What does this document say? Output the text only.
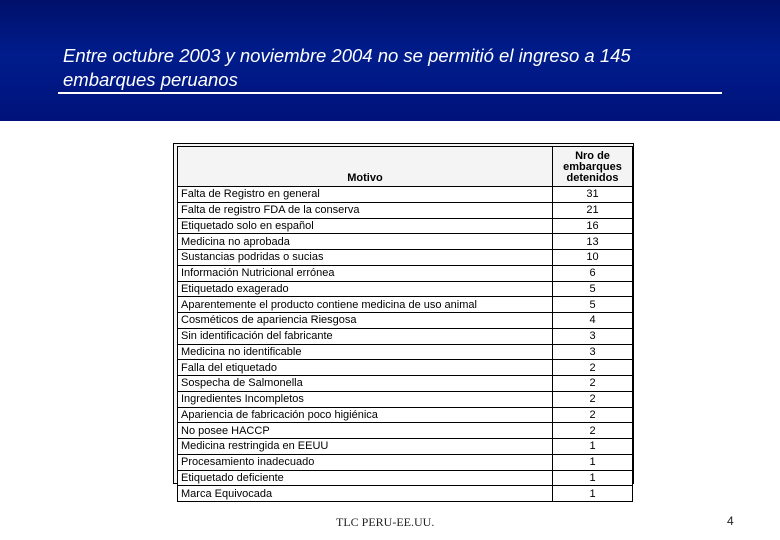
Entre octubre 2003 y noviembre 2004 no se permitió el ingreso a 145 embarques peruanos
Motivo	Nro de embarques detenidos
Falta de Registro en general	31
Falta de registro FDA de la conserva	21
Etiquetado solo en español	16
Medicina no aprobada	13
Sustancias podridas o sucias	10
Información Nutricional errónea	6
Etiquetado exagerado	5
Aparentemente el producto contiene medicina de uso animal	5
Cosméticos de apariencia Riesgosa	4
Sin identificación del fabricante	3
Medicina no identificable	3
Falla del etiquetado	2
Sospecha de Salmonella	2
Ingredientes Incompletos	2
Apariencia de fabricación poco higiénica	2
No posee HACCP	2
Medicina restringida en EEUU	1
Procesamiento inadecuado	1
Etiquetado deficiente	1
Marca Equivocada	1
TLC PERU-EE.UU.	4
